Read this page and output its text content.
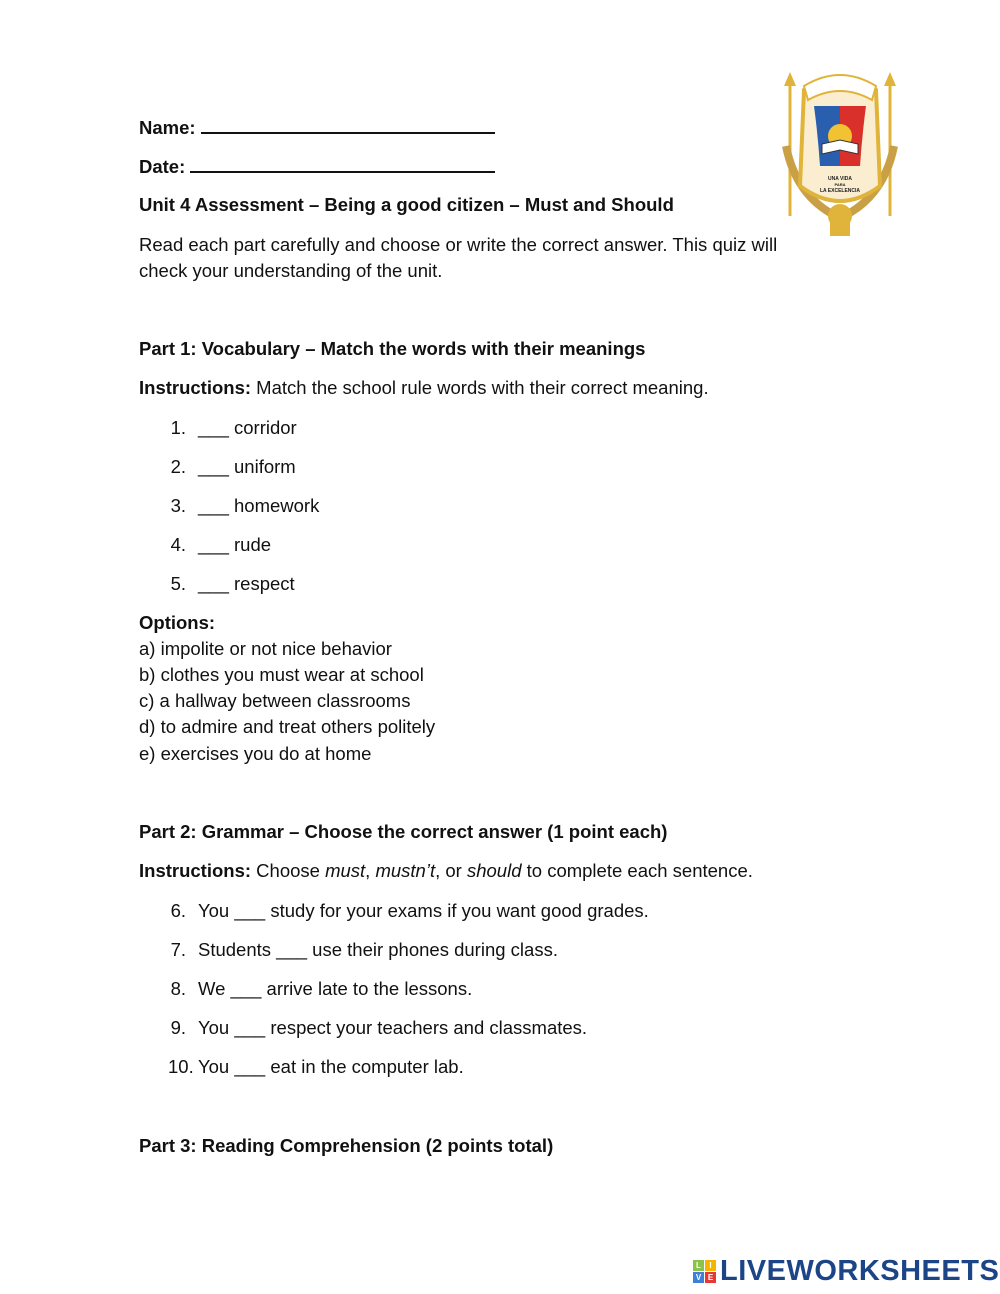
Name:
Date:
Unit 4 Assessment – Being a good citizen – Must and Should
Read each part carefully and choose or write the correct answer. This quiz will
check your understanding of the unit.
UNA VIDA
PARA
LA EXCELENCIA
Part 1: Vocabulary – Match the words with their meanings
Instructions: Match the school rule words with their correct meaning.
1. ___ corridor
2. ___ uniform
3. ___ homework
4. ___ rude
5. ___ respect
Options:
a) impolite or not nice behavior
b) clothes you must wear at school
c) a hallway between classrooms
d) to admire and treat others politely
e) exercises you do at home
Part 2: Grammar – Choose the correct answer (1 point each)
Instructions: Choose must, mustn’t, or should to complete each sentence.
6. You ___ study for your exams if you want good grades.
7. Students ___ use their phones during class.
8. We ___ arrive late to the lessons.
9. You ___ respect your teachers and classmates.
10. You ___ eat in the computer lab.
Part 3: Reading Comprehension (2 points total)
L IV E LIVEWORKSHEETS
